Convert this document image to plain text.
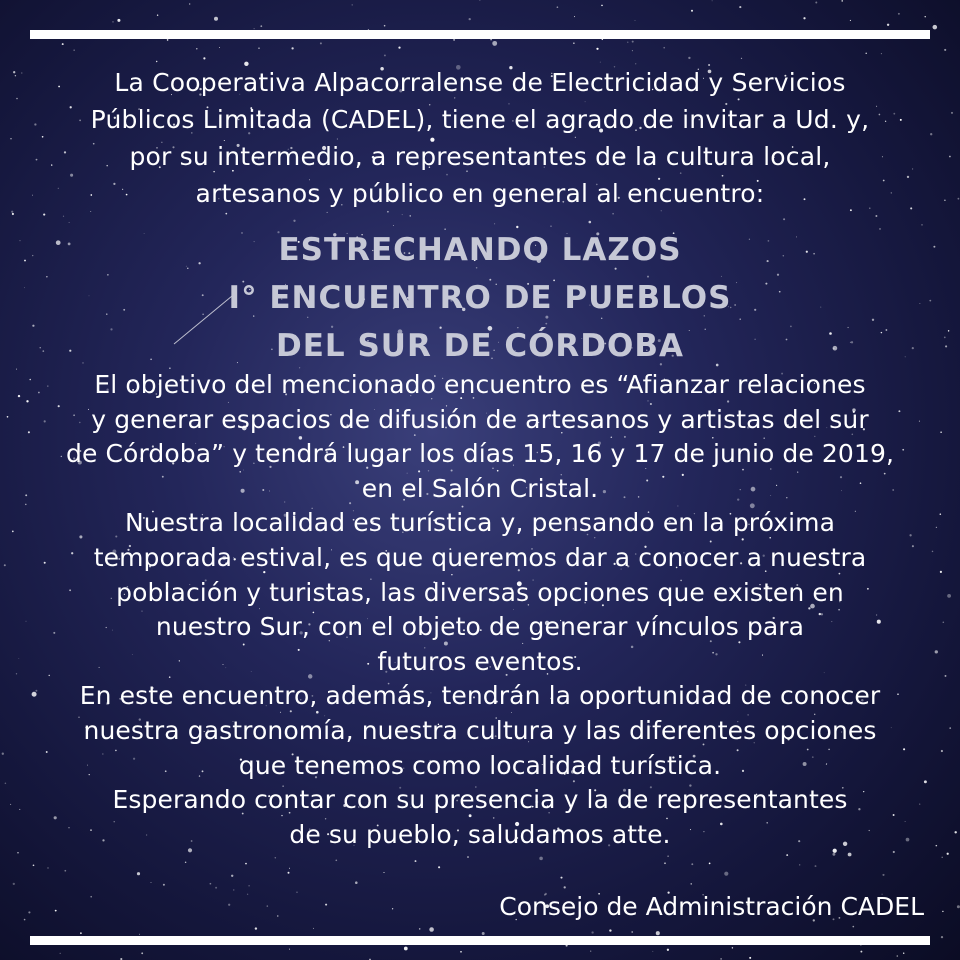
La Cooperativa Alpacorralense de Electricidad y Servicios
Públicos Limitada (CADEL), tiene el agrado de invitar a Ud. y,
por su intermedio, a representantes de la cultura local,
artesanos y público en general al encuentro:
ESTRECHANDO LAZOS
I° ENCUENTRO DE PUEBLOS
DEL SUR DE CÓRDOBA
El objetivo del mencionado encuentro es “Afianzar relaciones
y generar espacios de difusión de artesanos y artistas del sur
de Córdoba” y tendrá lugar los días 15, 16 y 17 de junio de 2019,
en el Salón Cristal.
Nuestra localidad es turística y, pensando en la próxima
temporada estival, es que queremos dar a conocer a nuestra
población y turistas, las diversas opciones que existen en
nuestro Sur, con el objeto de generar vínculos para
futuros eventos.
En este encuentro, además, tendrán la oportunidad de conocer
nuestra gastronomía, nuestra cultura y las diferentes opciones
que tenemos como localidad turística.
Esperando contar con su presencia y la de representantes
de su pueblo, saludamos atte.
Consejo de Administración CADEL
